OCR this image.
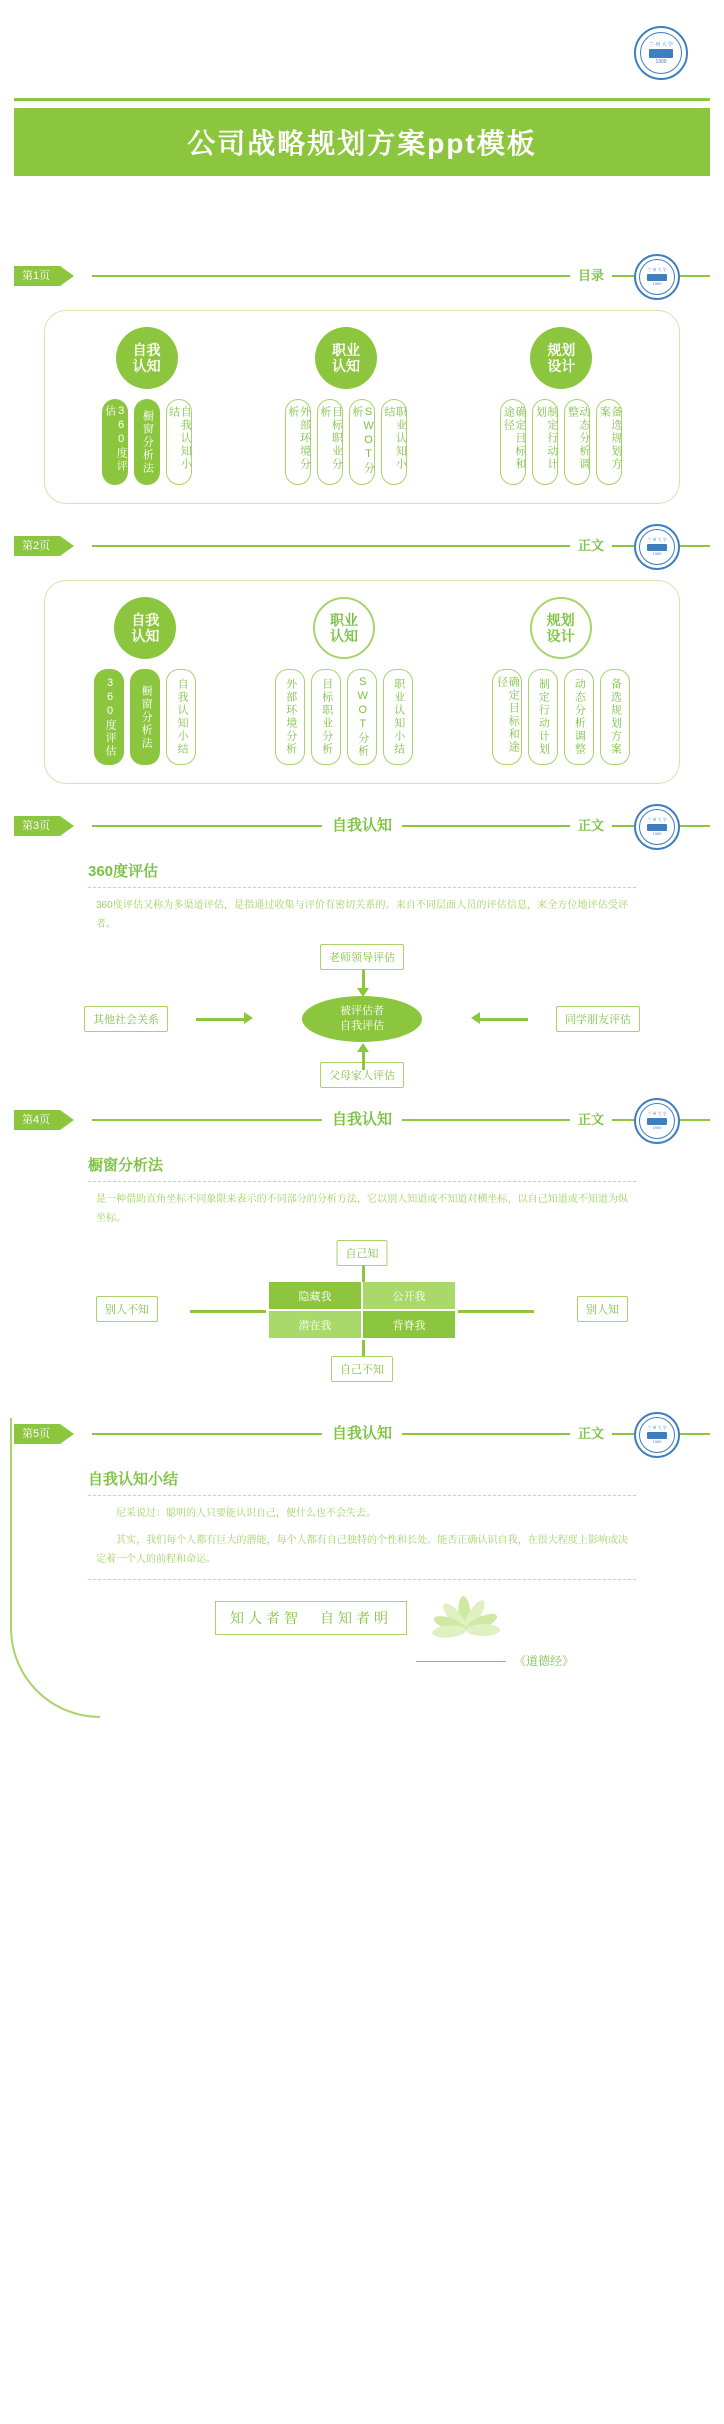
兰 州 大 学
1909
公司战略规划方案ppt模板
第1页	目录	兰 州 大 学
1909
自我
认知
360度评估	橱窗分析法	自我认知小结
职业
认知
外部环境分析	目标职业分析	SWOT分析	职业认知小结
规划
设计
确定目标和途径	制定行动计划	动态分析调整	备选规划方案
第2页	正文	兰 州 大 学
1909
自我
认知
360度评估 橱窗分析法 自我认知小结
职业
认知
外部环境分析 目标职业分析 SWOT分析 职业认知小结
规划
设计
确定目标和途径	制定行动计划 动态分析调整 备选规划方案
第3页	自我认知	正文	兰 州 大 学
1909
360度评估
360度评估又称为多渠道评估，是指通过收集与评价有密切关系的、来自不同层面人员的评估信息，来全方位地评估受评者。
老师领导评估
其他社会关系	同学朋友评估
父母家人评估
被评估者
自我评估
第4页	自我认知	正文	兰 州 大 学
1909
橱窗分析法
是一种借助直角坐标不同象限来表示的不同部分的分析方法，它以别人知道或不知道对横坐标，以自己知道或不知道为纵坐标。
自己知
别人不知	别人知
自己不知
隐藏我	公开我
潜在我	背脊我
第5页	自我认知	正文	兰 州 大 学
1909
自我认知小结
尼采说过：聪明的人只要能认识自己，便什么也不会失去。
其实，我们每个人都有巨大的潜能，每个人都有自己独特的个性和长处。能否正确认识自我，在很大程度上影响或决定着一个人的前程和命运。
知人者智　自知者明
《道德经》
